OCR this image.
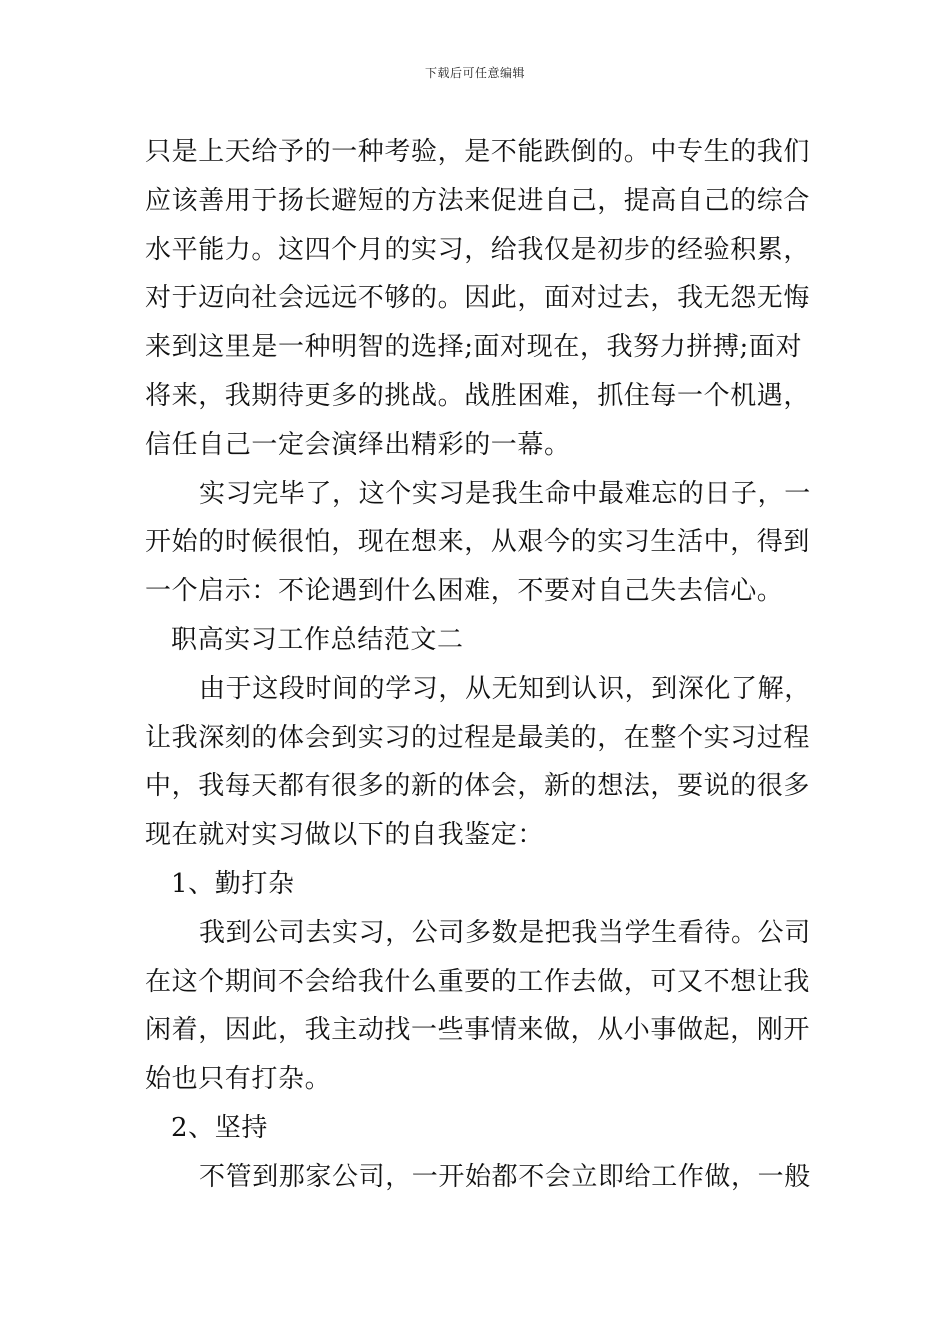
下载后可任意编辑
只是上天给予的一种考验，是不能跌倒的。中专生的我们
应该善用于扬长避短的方法来促进自己，提高自己的综合
水平能力。这四个月的实习，给我仅是初步的经验积累，
对于迈向社会远远不够的。因此，面对过去，我无怨无悔
来到这里是一种明智的选择;面对现在，我努力拼搏;面对
将来，我期待更多的挑战。战胜困难，抓住每一个机遇，
信任自己一定会演绎出精彩的一幕。
实习完毕了，这个实习是我生命中最难忘的日子，一
开始的时候很怕，现在想来，从艰今的实习生活中，得到
一个启示：不论遇到什么困难，不要对自己失去信心。
职高实习工作总结范文二
由于这段时间的学习，从无知到认识，到深化了解，
让我深刻的体会到实习的过程是最美的，在整个实习过程
中，我每天都有很多的新的体会，新的想法，要说的很多
现在就对实习做以下的自我鉴定：
1、勤打杂
我到公司去实习，公司多数是把我当学生看待。公司
在这个期间不会给我什么重要的工作去做，可又不想让我
闲着，因此，我主动找一些事情来做，从小事做起，刚开
始也只有打杂。
2、坚持
不管到那家公司，一开始都不会立即给工作做，一般
